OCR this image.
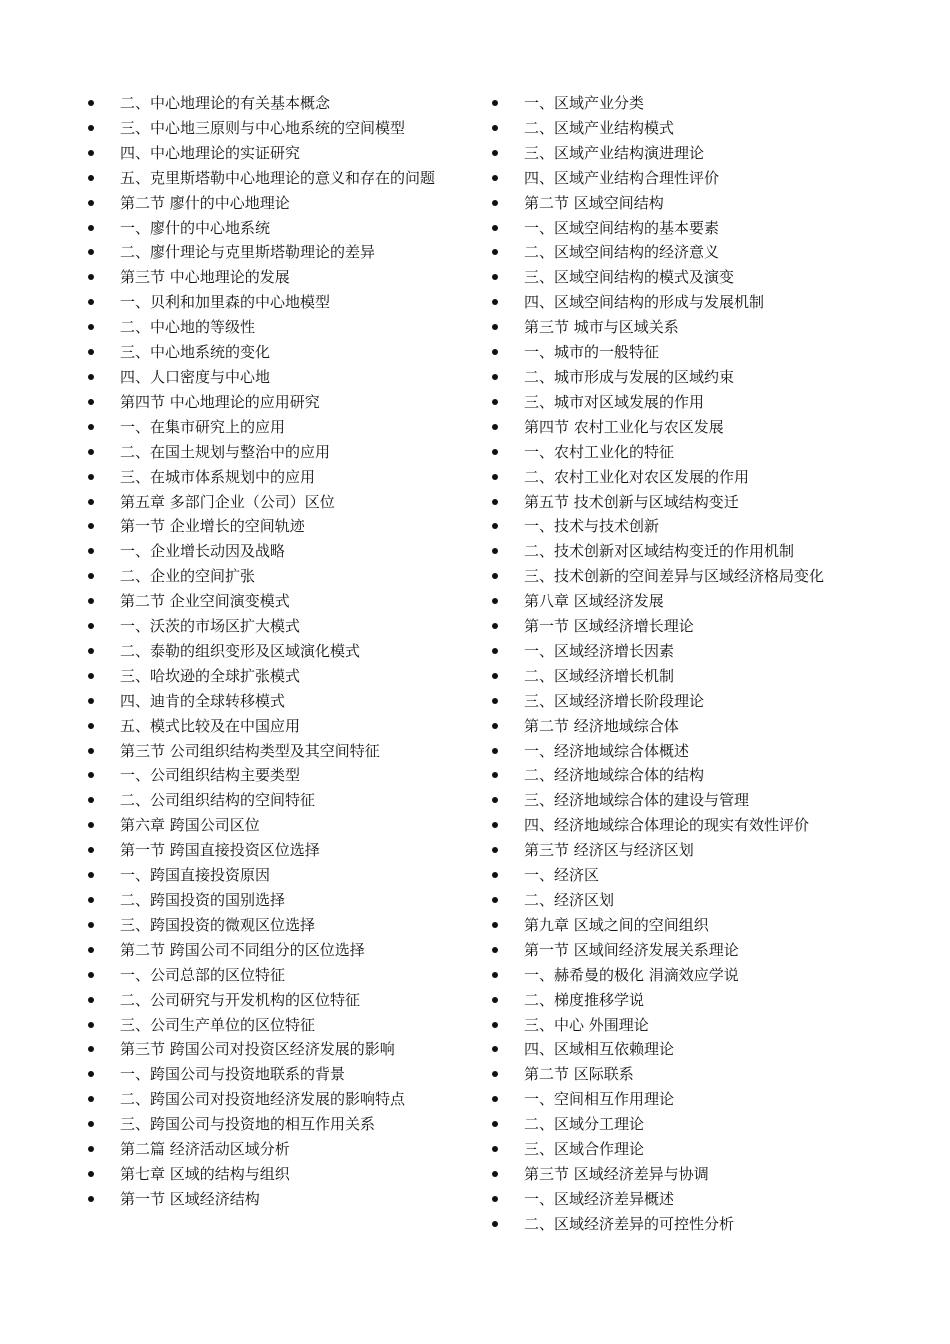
二、中心地理论的有关基本概念
三、中心地三原则与中心地系统的空间模型
四、中心地理论的实证研究
五、克里斯塔勒中心地理论的意义和存在的问题
第二节 廖什的中心地理论
一、廖什的中心地系统
二、廖什理论与克里斯塔勒理论的差异
第三节 中心地理论的发展
一、贝利和加里森的中心地模型
二、中心地的等级性
三、中心地系统的变化
四、人口密度与中心地
第四节 中心地理论的应用研究
一、在集市研究上的应用
二、在国土规划与整治中的应用
三、在城市体系规划中的应用
第五章 多部门企业（公司）区位
第一节 企业增长的空间轨迹
一、企业增长动因及战略
二、企业的空间扩张
第二节 企业空间演变模式
一、沃茨的市场区扩大模式
二、泰勒的组织变形及区域演化模式
三、哈坎逊的全球扩张模式
四、迪肯的全球转移模式
五、模式比较及在中国应用
第三节 公司组织结构类型及其空间特征
一、公司组织结构主要类型
二、公司组织结构的空间特征
第六章 跨国公司区位
第一节 跨国直接投资区位选择
一、跨国直接投资原因
二、跨国投资的国别选择
三、跨国投资的微观区位选择
第二节 跨国公司不同组分的区位选择
一、公司总部的区位特征
二、公司研究与开发机构的区位特征
三、公司生产单位的区位特征
第三节 跨国公司对投资区经济发展的影响
一、跨国公司与投资地联系的背景
二、跨国公司对投资地经济发展的影响特点
三、跨国公司与投资地的相互作用关系
第二篇 经济活动区域分析
第七章 区域的结构与组织
第一节 区域经济结构
一、区域产业分类
二、区域产业结构模式
三、区域产业结构演进理论
四、区域产业结构合理性评价
第二节 区域空间结构
一、区域空间结构的基本要素
二、区域空间结构的经济意义
三、区域空间结构的模式及演变
四、区域空间结构的形成与发展机制
第三节 城市与区域关系
一、城市的一般特征
二、城市形成与发展的区域约束
三、城市对区域发展的作用
第四节 农村工业化与农区发展
一、农村工业化的特征
二、农村工业化对农区发展的作用
第五节 技术创新与区域结构变迁
一、技术与技术创新
二、技术创新对区域结构变迁的作用机制
三、技术创新的空间差异与区域经济格局变化
第八章 区域经济发展
第一节 区域经济增长理论
一、区域经济增长因素
二、区域经济增长机制
三、区域经济增长阶段理论
第二节 经济地域综合体
一、经济地域综合体概述
二、经济地域综合体的结构
三、经济地域综合体的建设与管理
四、经济地域综合体理论的现实有效性评价
第三节 经济区与经济区划
一、经济区
二、经济区划
第九章 区域之间的空间组织
第一节 区域间经济发展关系理论
一、赫希曼的极化 涓滴效应学说
二、梯度推移学说
三、中心 外围理论
四、区域相互依赖理论
第二节 区际联系
一、空间相互作用理论
二、区域分工理论
三、区域合作理论
第三节 区域经济差异与协调
一、区域经济差异概述
二、区域经济差异的可控性分析
